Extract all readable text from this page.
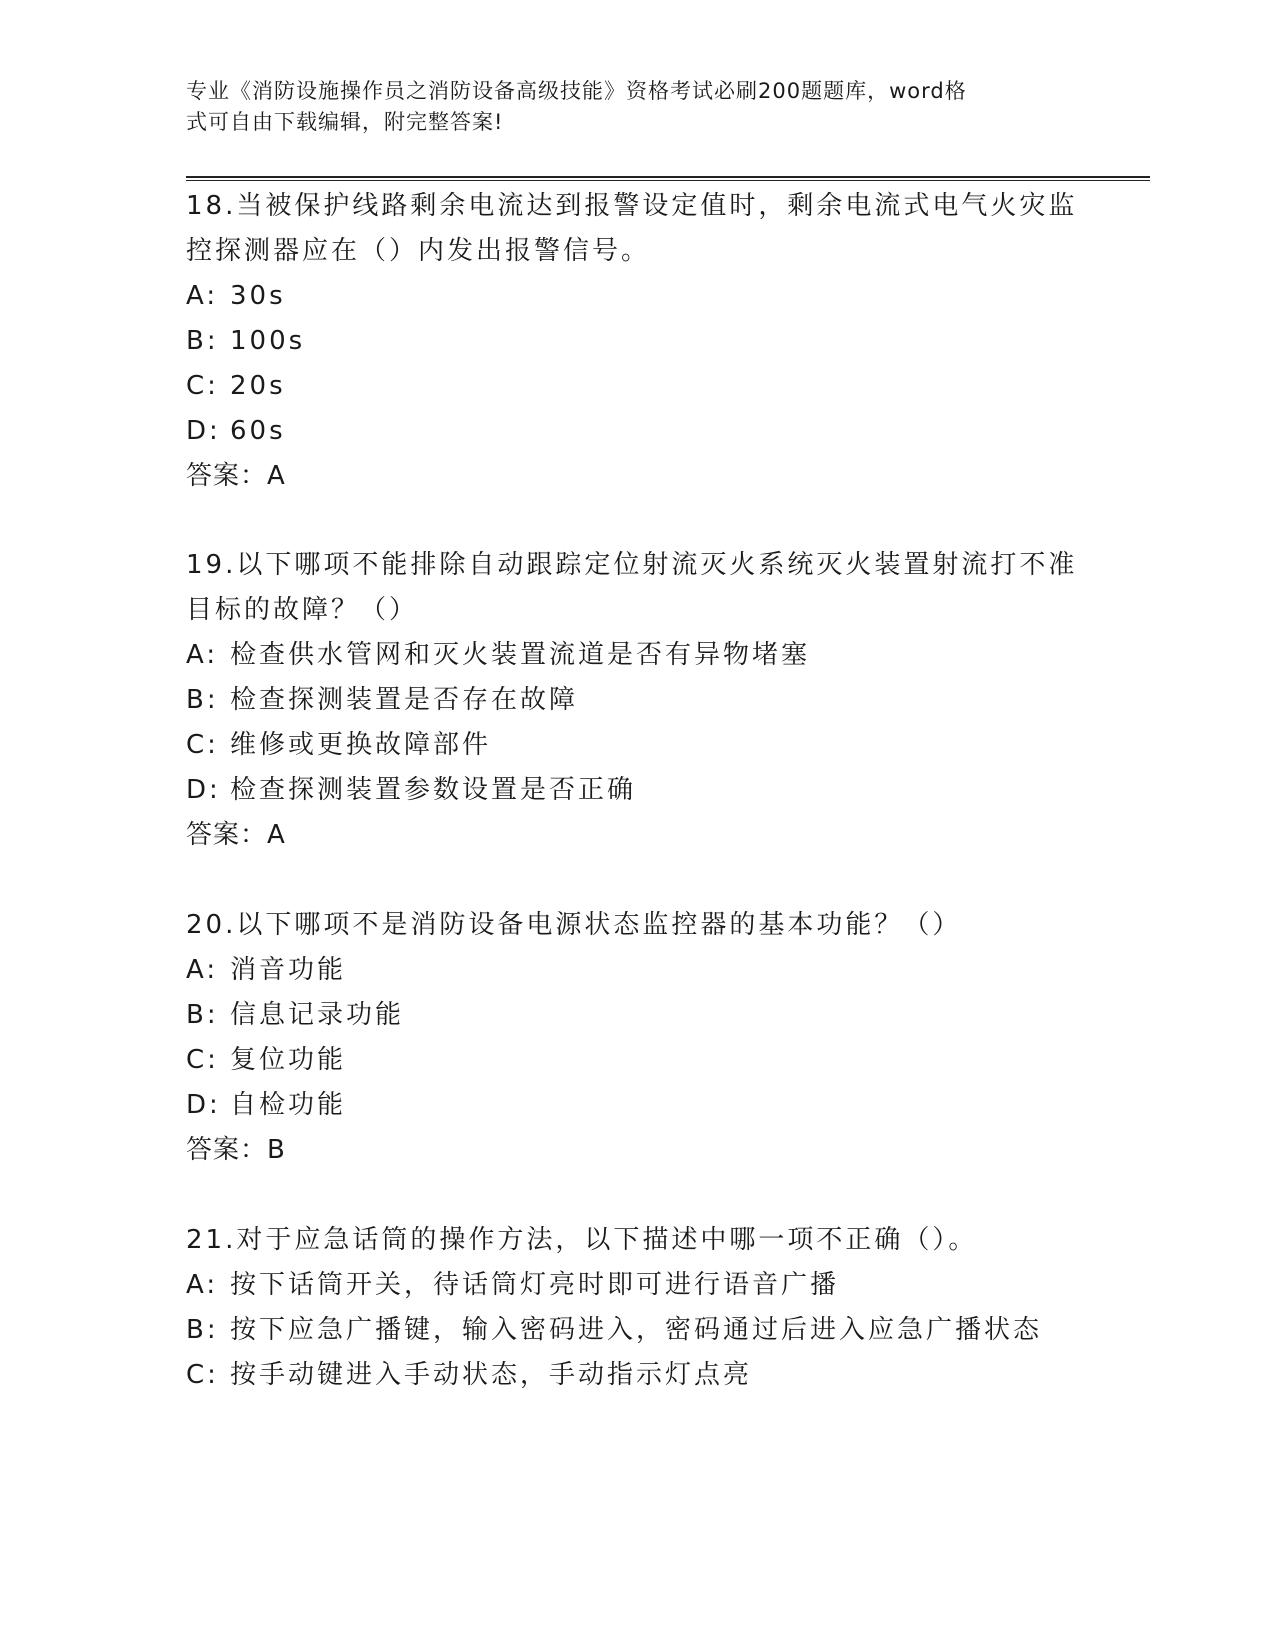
专业《消防设施操作员之消防设备高级技能》资格考试必刷200题题库，word格
式可自由下载编辑，附完整答案!

18.当被保护线路剩余电流达到报警设定值时，剩余电流式电气火灾监

控探测器应在（）内发出报警信号。

A: 30s

B: 100s

C: 20s

D: 60s

答案：A

19.以下哪项不能排除自动跟踪定位射流灭火系统灭火装置射流打不准

目标的故障？（）

A: 检查供水管网和灭火装置流道是否有异物堵塞

B: 检查探测装置是否存在故障

C: 维修或更换故障部件

D: 检查探测装置参数设置是否正确

答案：A

20.以下哪项不是消防设备电源状态监控器的基本功能？（）

A: 消音功能

B: 信息记录功能

C: 复位功能

D: 自检功能

答案：B

21.对于应急话筒的操作方法，以下描述中哪一项不正确（）。

A: 按下话筒开关，待话筒灯亮时即可进行语音广播

B: 按下应急广播键，输入密码进入，密码通过后进入应急广播状态

C: 按手动键进入手动状态，手动指示灯点亮
